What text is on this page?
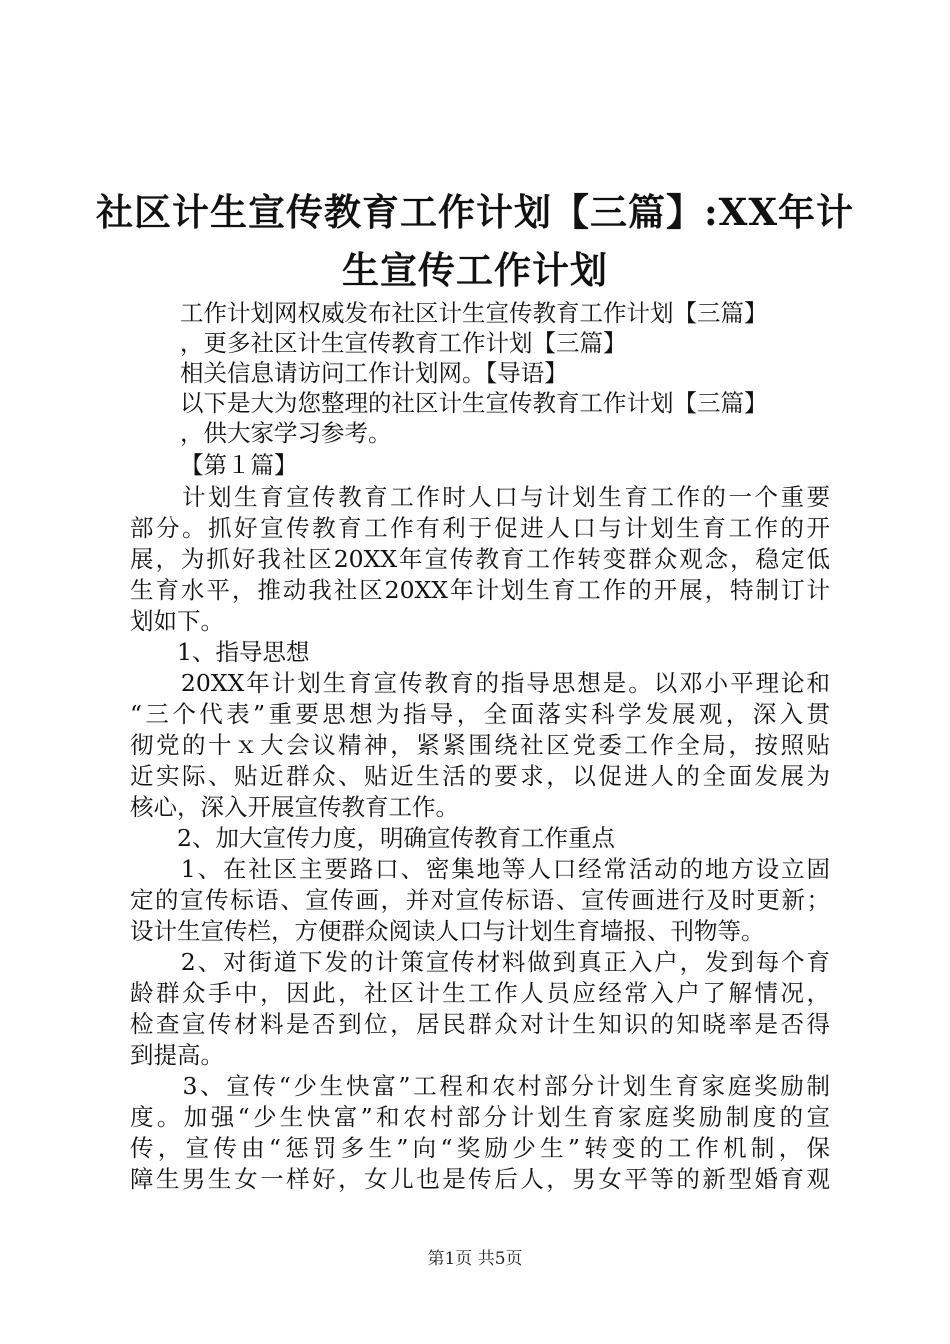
社区计生宣传教育工作计划【三篇】:XX年计
生宣传工作计划
工作计划网权威发布社区计生宣传教育工作计划【三篇】
，更多社区计生宣传教育工作计划【三篇】
相关信息请访问工作计划网。【导语】
以下是大为您整理的社区计生宣传教育工作计划【三篇】
，供大家学习参考。
【第１篇】
　　计划生育宣传教育工作时人口与计划生育工作的一个重要
部分。抓好宣传教育工作有利于促进人口与计划生育工作的开
展，为抓好我社区20XX年宣传教育工作转变群众观念，稳定低
生育水平，推动我社区20XX年计划生育工作的开展，特制订计
划如下。
　　1、指导思想
　　20XX年计划生育宣传教育的指导思想是。以邓小平理论和
“三个代表”重要思想为指导，全面落实科学发展观，深入贯
彻党的十ｘ大会议精神，紧紧围绕社区党委工作全局，按照贴
近实际、贴近群众、贴近生活的要求，以促进人的全面发展为
核心，深入开展宣传教育工作。
　　2、加大宣传力度，明确宣传教育工作重点
　　1、在社区主要路口、密集地等人口经常活动的地方设立固
定的宣传标语、宣传画，并对宣传标语、宣传画进行及时更新；
设计生宣传栏，方便群众阅读人口与计划生育墙报、刊物等。
　　2、对街道下发的计策宣传材料做到真正入户，发到每个育
龄群众手中，因此，社区计生工作人员应经常入户了解情况，
检查宣传材料是否到位，居民群众对计生知识的知晓率是否得
到提高。
　　3、宣传“少生快富”工程和农村部分计划生育家庭奖励制
度。加强“少生快富”和农村部分计划生育家庭奖励制度的宣
传，宣传由“惩罚多生”向“奖励少生”转变的工作机制，保
障生男生女一样好，女儿也是传后人，男女平等的新型婚育观
第1页 共5页
